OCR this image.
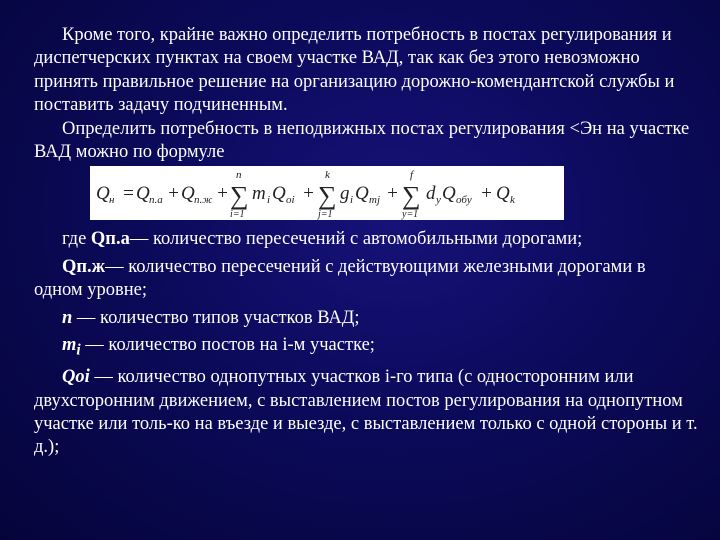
Кроме того, крайне важно определить потребность в постах регулирования и диспетчерских пунктах на своем участке ВАД, так как без этого невозможно принять правильное решение на организацию дорожно-комендантской службы и поставить задачу подчиненным.

Определить потребность в неподвижных постах регулирования <Эн на участке ВАД можно по формуле

Q н = Q п.а + Q п.ж +
n
∑
i=1
m i Q oi +
k
∑
j=1
g i Q mj +
f
∑
y=1
d y Q обy + Q k

где Qп.а— количество пересечений с автомобильными дорогами;

Qп.ж— количество пересечений с действующими железными дорогами в одном уровне;

n — количество типов участков ВАД;

$m_i$ — количество постов на i-м участке;

Qoi — количество однопутных участков i-го типа (с односторонним или двухсторонним движением, с выставлением постов регулирования на однопутном участке или толь-ко на въезде и выезде, с выставлением только с одной стороны и т. д.);
